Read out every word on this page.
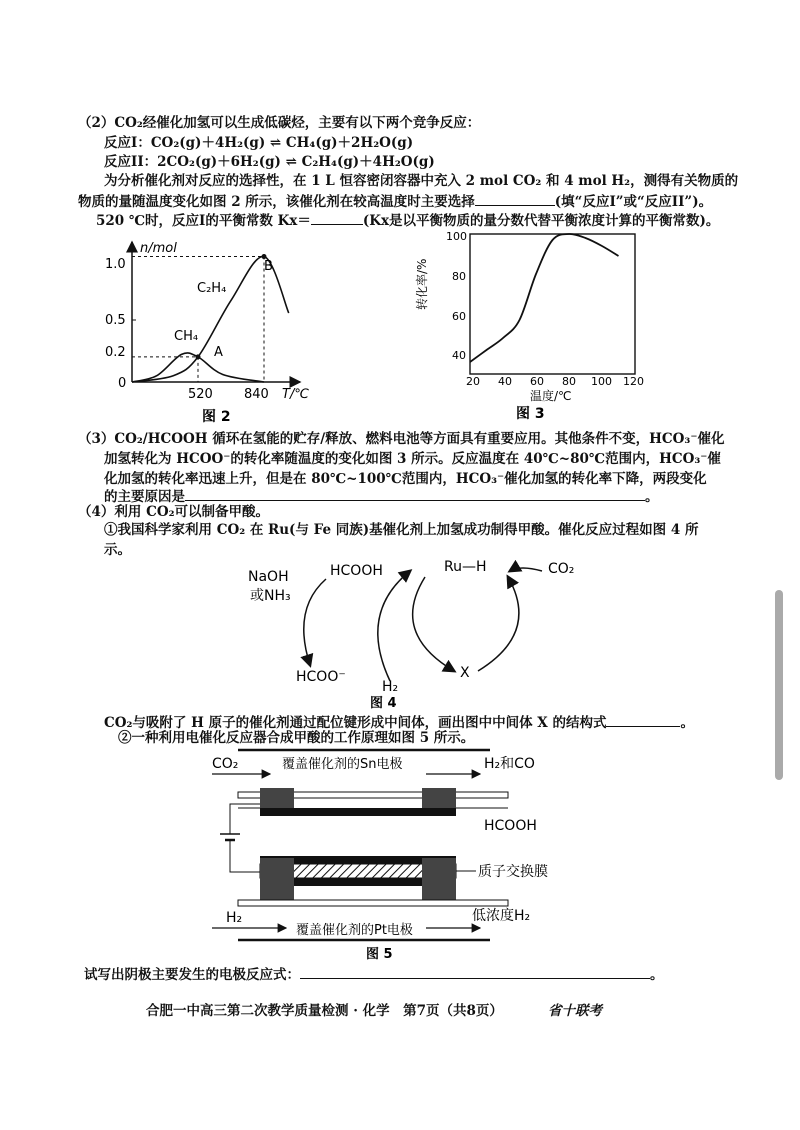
（2）CO₂经催化加氢可以生成低碳烃，主要有以下两个竞争反应：
反应I：CO₂(g)＋4H₂(g) ⇌ CH₄(g)＋2H₂O(g)
反应II：2CO₂(g)＋6H₂(g) ⇌ C₂H₄(g)＋4H₂O(g)
为分析催化剂对反应的选择性，在 1 L 恒容密闭容器中充入 2 mol CO₂ 和 4 mol H₂，测得有关物质的
物质的量随温度变化如图 2 所示，该催化剂在较高温度时主要选择	(填“反应I”或“反应II”)。
520 ℃时，反应I的平衡常数 Kx＝	(Kx是以平衡物质的量分数代替平衡浓度计算的平衡常数)。
n/mol
T/℃
1.0
0.5
0.2
0
520 840
C₂H₄
CH₄
A
B
图 2
转化率/%
100
80
60
40
20 40 60 80 100 120
温度/℃
图 3
（3）CO₂/HCOOH 循环在氢能的贮存/释放、燃料电池等方面具有重要应用。其他条件不变，HCO₃⁻催化
加氢转化为 HCOO⁻的转化率随温度的变化如图 3 所示。反应温度在 40℃~80℃范围内，HCO₃⁻催
化加氢的转化率迅速上升，但是在 80℃~100℃范围内，HCO₃⁻催化加氢的转化率下降，两段变化
的主要原因是	。
（4）利用 CO₂可以制备甲酸。
①我国科学家利用 CO₂ 在 Ru(与 Fe 同族)基催化剂上加氢成功制得甲酸。催化反应过程如图 4 所
示。
NaOH
或NH₃
HCOOH	Ru—H	CO₂
HCOO⁻
H₂
X
图 4
CO₂与吸附了 H 原子的催化剂通过配位键形成中间体，画出图中中间体 X 的结构式	。
②一种利用电催化反应器合成甲酸的工作原理如图 5 所示。
CO₂	覆盖催化剂的Sn电极	H₂和CO
HCOOH
质子交换膜
H₂
覆盖催化剂的Pt电极
低浓度H₂
图 5
试写出阴极主要发生的电极反应式：	。
合肥一中高三第二次教学质量检测 · 化学　第7页（共8页）	省十联考
